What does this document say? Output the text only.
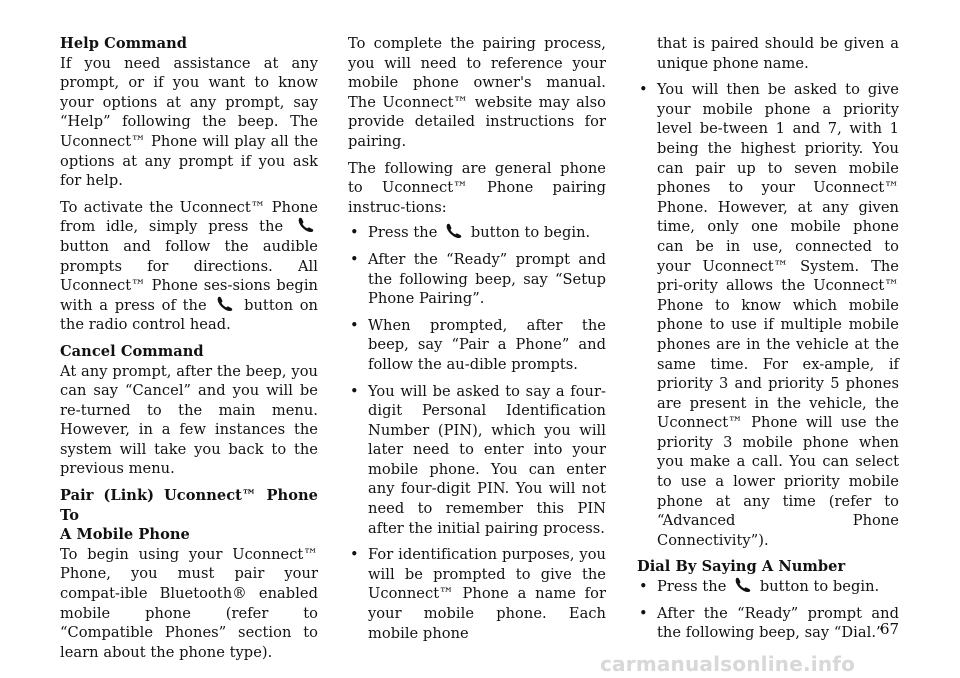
Help Command

If you need assistance at any prompt, or if you want to know your options at any prompt, say “Help” following the beep. The Uconnect™ Phone will play all the options at any prompt if you ask for help.

To activate the Uconnect™ Phone from idle, simply press the  button and follow the audible prompts for directions. All Uconnect™ Phone ses-sions begin with a press of the	button on the radio control head.

Cancel Command

At any prompt, after the beep, you can say “Cancel” and you will be re-turned to the main menu. However, in a few instances the system will take you back to the previous menu.

Pair (Link) Uconnect™ Phone To

A Mobile Phone

To begin using your Uconnect™ Phone, you must pair your compat-ible Bluetooth® enabled mobile phone (refer to “Compatible Phones” section to learn about the phone type).

To complete the pairing process, you will need to reference your mobile phone owner's manual. The Uconnect™ website may also provide detailed instructions for pairing.

The following are general phone to Uconnect™ Phone pairing instruc-tions:

• Press the button to begin.
• After the “Ready” prompt and the following beep, say “Setup Phone Pairing”.
• When prompted, after the beep, say “Pair a Phone” and follow the au-dible prompts.
• You will be asked to say a four-digit Personal Identification Number (PIN), which you will later need to enter into your mobile phone. You can enter any four-digit PIN. You will not need to remember this PIN after the initial pairing process.
• For identification purposes, you will be prompted to give the Uconnect™ Phone a name for your mobile phone. Each mobile phone
that is paired should be given a unique phone name.
• You will then be asked to give your mobile phone a priority level be-tween 1 and 7, with 1 being the highest priority. You can pair up to seven mobile phones to your Uconnect™ Phone. However, at any given time, only one mobile phone can be in use, connected to your Uconnect™ System. The pri-ority allows the Uconnect™ Phone to know which mobile phone to use if multiple mobile phones are in the vehicle at the same time. For ex-ample, if priority 3 and priority 5 phones are present in the vehicle, the Uconnect™ Phone will use the priority 3 mobile phone when you make a call. You can select to use a lower priority mobile phone at any time (refer to “Advanced Phone Connectivity”).

Dial By Saying A Number

• Press the button to begin.
• After the “Ready” prompt and the following beep, say “Dial.”
67
carmanualsonline.info
